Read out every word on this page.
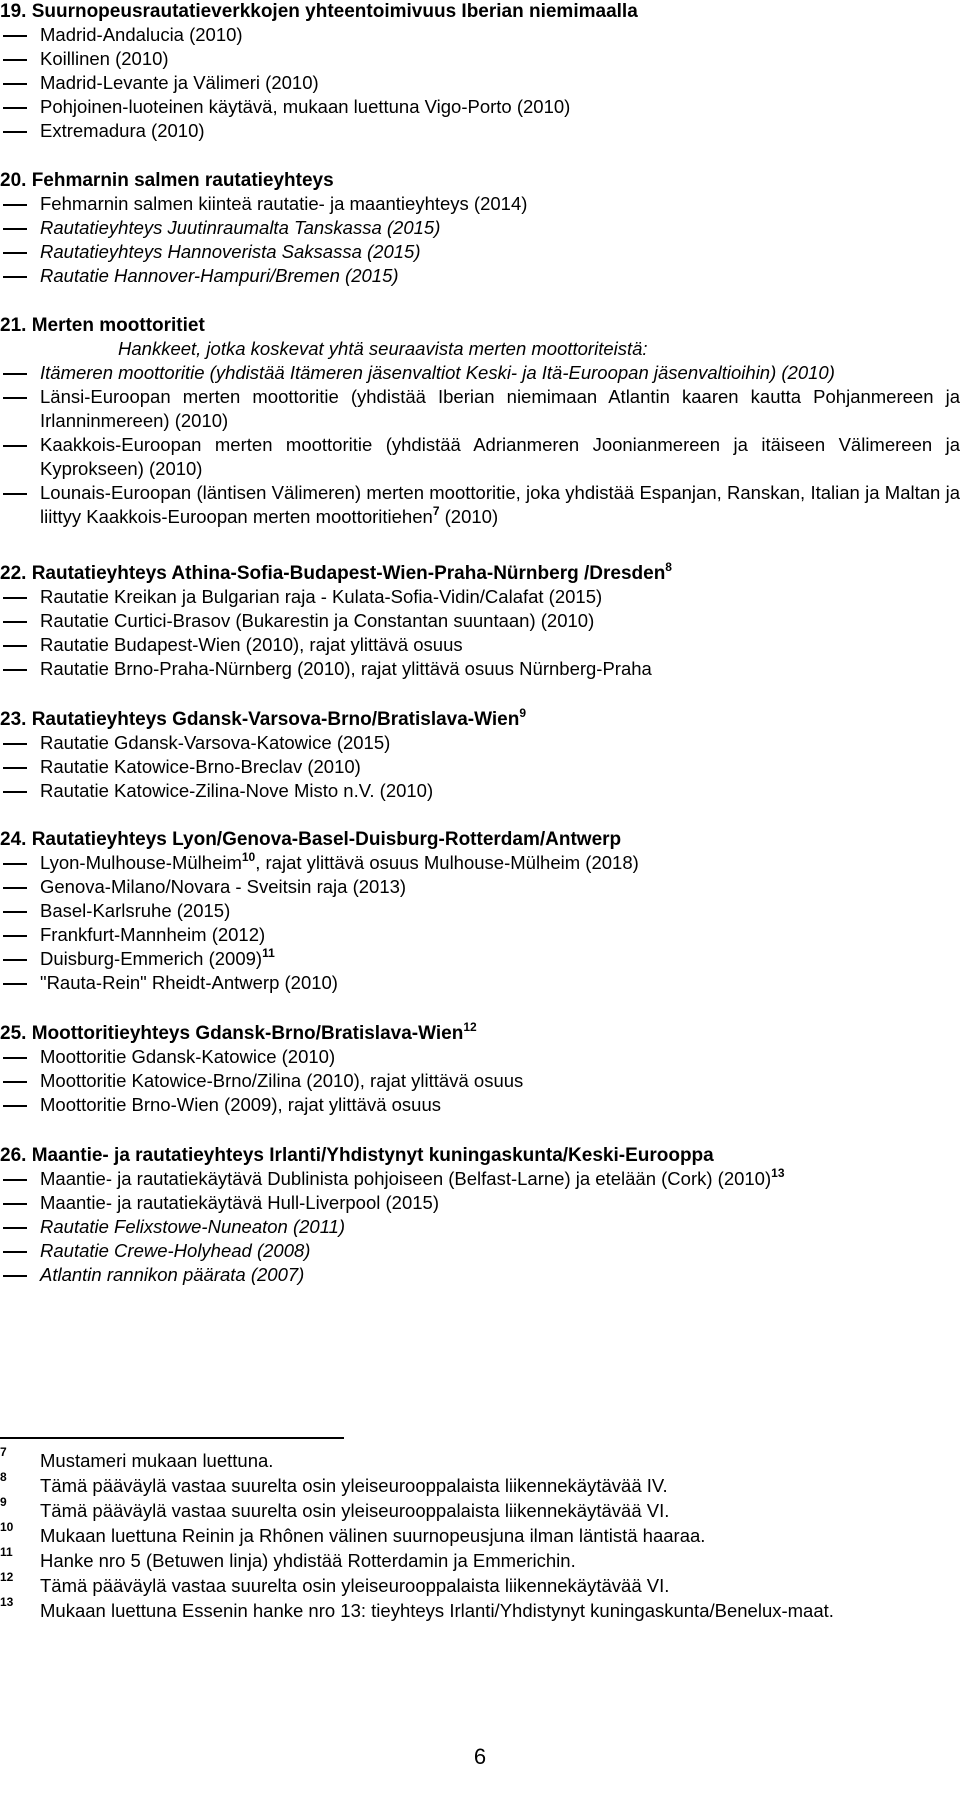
19. Suurnopeusrautatieverkkojen yhteentoimivuus Iberian niemimaalla
Madrid-Andalucia (2010)
Koillinen (2010)
Madrid-Levante ja Välimeri (2010)
Pohjoinen-luoteinen käytävä, mukaan luettuna Vigo-Porto (2010)
Extremadura (2010)
20. Fehmarnin salmen rautatieyhteys
Fehmarnin salmen kiinteä rautatie- ja maantieyhteys (2014)
Rautatieyhteys Juutinraumalta Tanskassa (2015)
Rautatieyhteys Hannoverista Saksassa (2015)
Rautatie Hannover-Hampuri/Bremen (2015)
21. Merten moottoritiet
Hankkeet, jotka koskevat yhtä seuraavista merten moottoriteistä:
Itämeren moottoritie (yhdistää Itämeren jäsenvaltiot Keski- ja Itä-Euroopan jäsenvaltioihin) (2010)
Länsi-Euroopan merten moottoritie (yhdistää Iberian niemimaan Atlantin kaaren kautta Pohjanmereen ja Irlanninmereen) (2010)
Kaakkois-Euroopan merten moottoritie (yhdistää Adrianmeren Joonianmereen ja itäiseen Välimereen ja Kyprokseen) (2010)
Lounais-Euroopan (läntisen Välimeren) merten moottoritie, joka yhdistää Espanjan, Ranskan, Italian ja Maltan ja liittyy Kaakkois-Euroopan merten moottoritiehen$^7$ (2010)
22. Rautatieyhteys Athina-Sofia-Budapest-Wien-Praha-Nürnberg /Dresden$^8$
Rautatie Kreikan ja Bulgarian raja - Kulata-Sofia-Vidin/Calafat (2015)
Rautatie Curtici-Brasov (Bukarestin ja Constantan suuntaan) (2010)
Rautatie Budapest-Wien (2010), rajat ylittävä osuus
Rautatie Brno-Praha-Nürnberg (2010), rajat ylittävä osuus Nürnberg-Praha
23. Rautatieyhteys Gdansk-Varsova-Brno/Bratislava-Wien$^9$
Rautatie Gdansk-Varsova-Katowice (2015)
Rautatie Katowice-Brno-Breclav (2010)
Rautatie Katowice-Zilina-Nove Misto n.V. (2010)
24. Rautatieyhteys Lyon/Genova-Basel-Duisburg-Rotterdam/Antwerp
Lyon-Mulhouse-Mülheim$^{10}$, rajat ylittävä osuus Mulhouse-Mülheim (2018)
Genova-Milano/Novara - Sveitsin raja (2013)
Basel-Karlsruhe (2015)
Frankfurt-Mannheim (2012)
Duisburg-Emmerich $(2009)^{11}$
"Rauta-Rein" Rheidt-Antwerp (2010)
25. Moottoritieyhteys Gdansk-Brno/Bratislava-Wien$^{12}$
Moottoritie Gdansk-Katowice (2010)
Moottoritie Katowice-Brno/Zilina (2010), rajat ylittävä osuus
Moottoritie Brno-Wien (2009), rajat ylittävä osuus
26. Maantie- ja rautatieyhteys Irlanti/Yhdistynyt kuningaskunta/Keski-Eurooppa
Maantie- ja rautatiekäytävä Dublinista pohjoiseen (Belfast-Larne) ja etelään (Cork) $(2010)^{13}$
Maantie- ja rautatiekäytävä Hull-Liverpool (2015)
Rautatie Felixstowe-Nuneaton (2011)
Rautatie Crewe-Holyhead (2008)
Atlantin rannikon päärata (2007)
7 Mustameri mukaan luettuna.
8 Tämä pääväylä vastaa suurelta osin yleiseurooppalaista liikennekäytävää IV.
9 Tämä pääväylä vastaa suurelta osin yleiseurooppalaista liikennekäytävää VI.
10 Mukaan luettuna Reinin ja Rhônen välinen suurnopeusjuna ilman läntistä haaraa.
11 Hanke nro 5 (Betuwen linja) yhdistää Rotterdamin ja Emmerichin.
12 Tämä pääväylä vastaa suurelta osin yleiseurooppalaista liikennekäytävää VI.
13 Mukaan luettuna Essenin hanke nro 13: tieyhteys Irlanti/Yhdistynyt kuningaskunta/Benelux-maat.
6
